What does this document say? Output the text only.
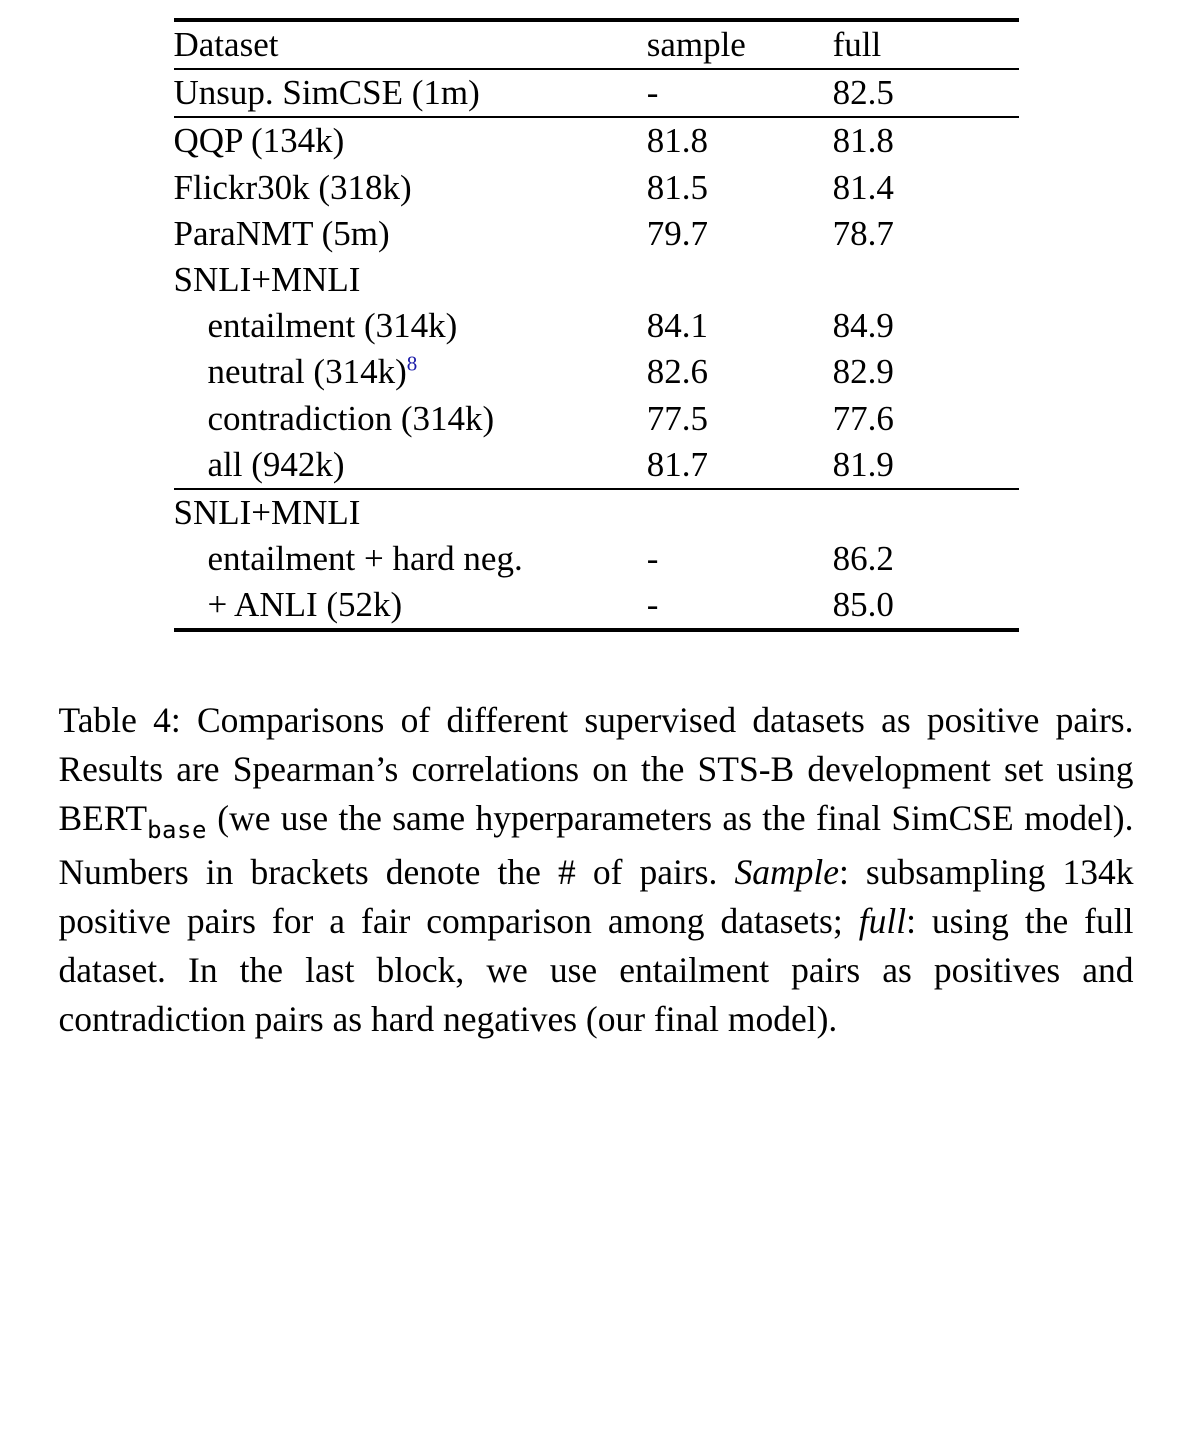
Dataset	sample	full

Unsup. SimCSE (1m)	-	82.5

QQP (134k)	81.8	81.8
Flickr30k (318k)	81.5	81.4
ParaNMT (5m)	79.7	78.7
SNLI+MNLI		
entailment (314k)	84.1	84.9
neutral (314k)$^8$	82.6	82.9
contradiction (314k)	77.5	77.6
all (942k)	81.7	81.9

SNLI+MNLI		
entailment + hard neg.	-	86.2
+ ANLI (52k)	-	85.0

Table 4: Comparisons of different supervised datasets as positive pairs. Results are Spearman’s correlations on the STS-B development set using $BERT_{base}$ (we use the same hyperparameters as the final SimCSE model). Numbers in brackets denote the # of pairs. Sample: subsampling 134k positive pairs for a fair comparison among datasets; full: using the full dataset. In the last block, we use entailment pairs as positives and contradiction pairs as hard negatives (our final model).
